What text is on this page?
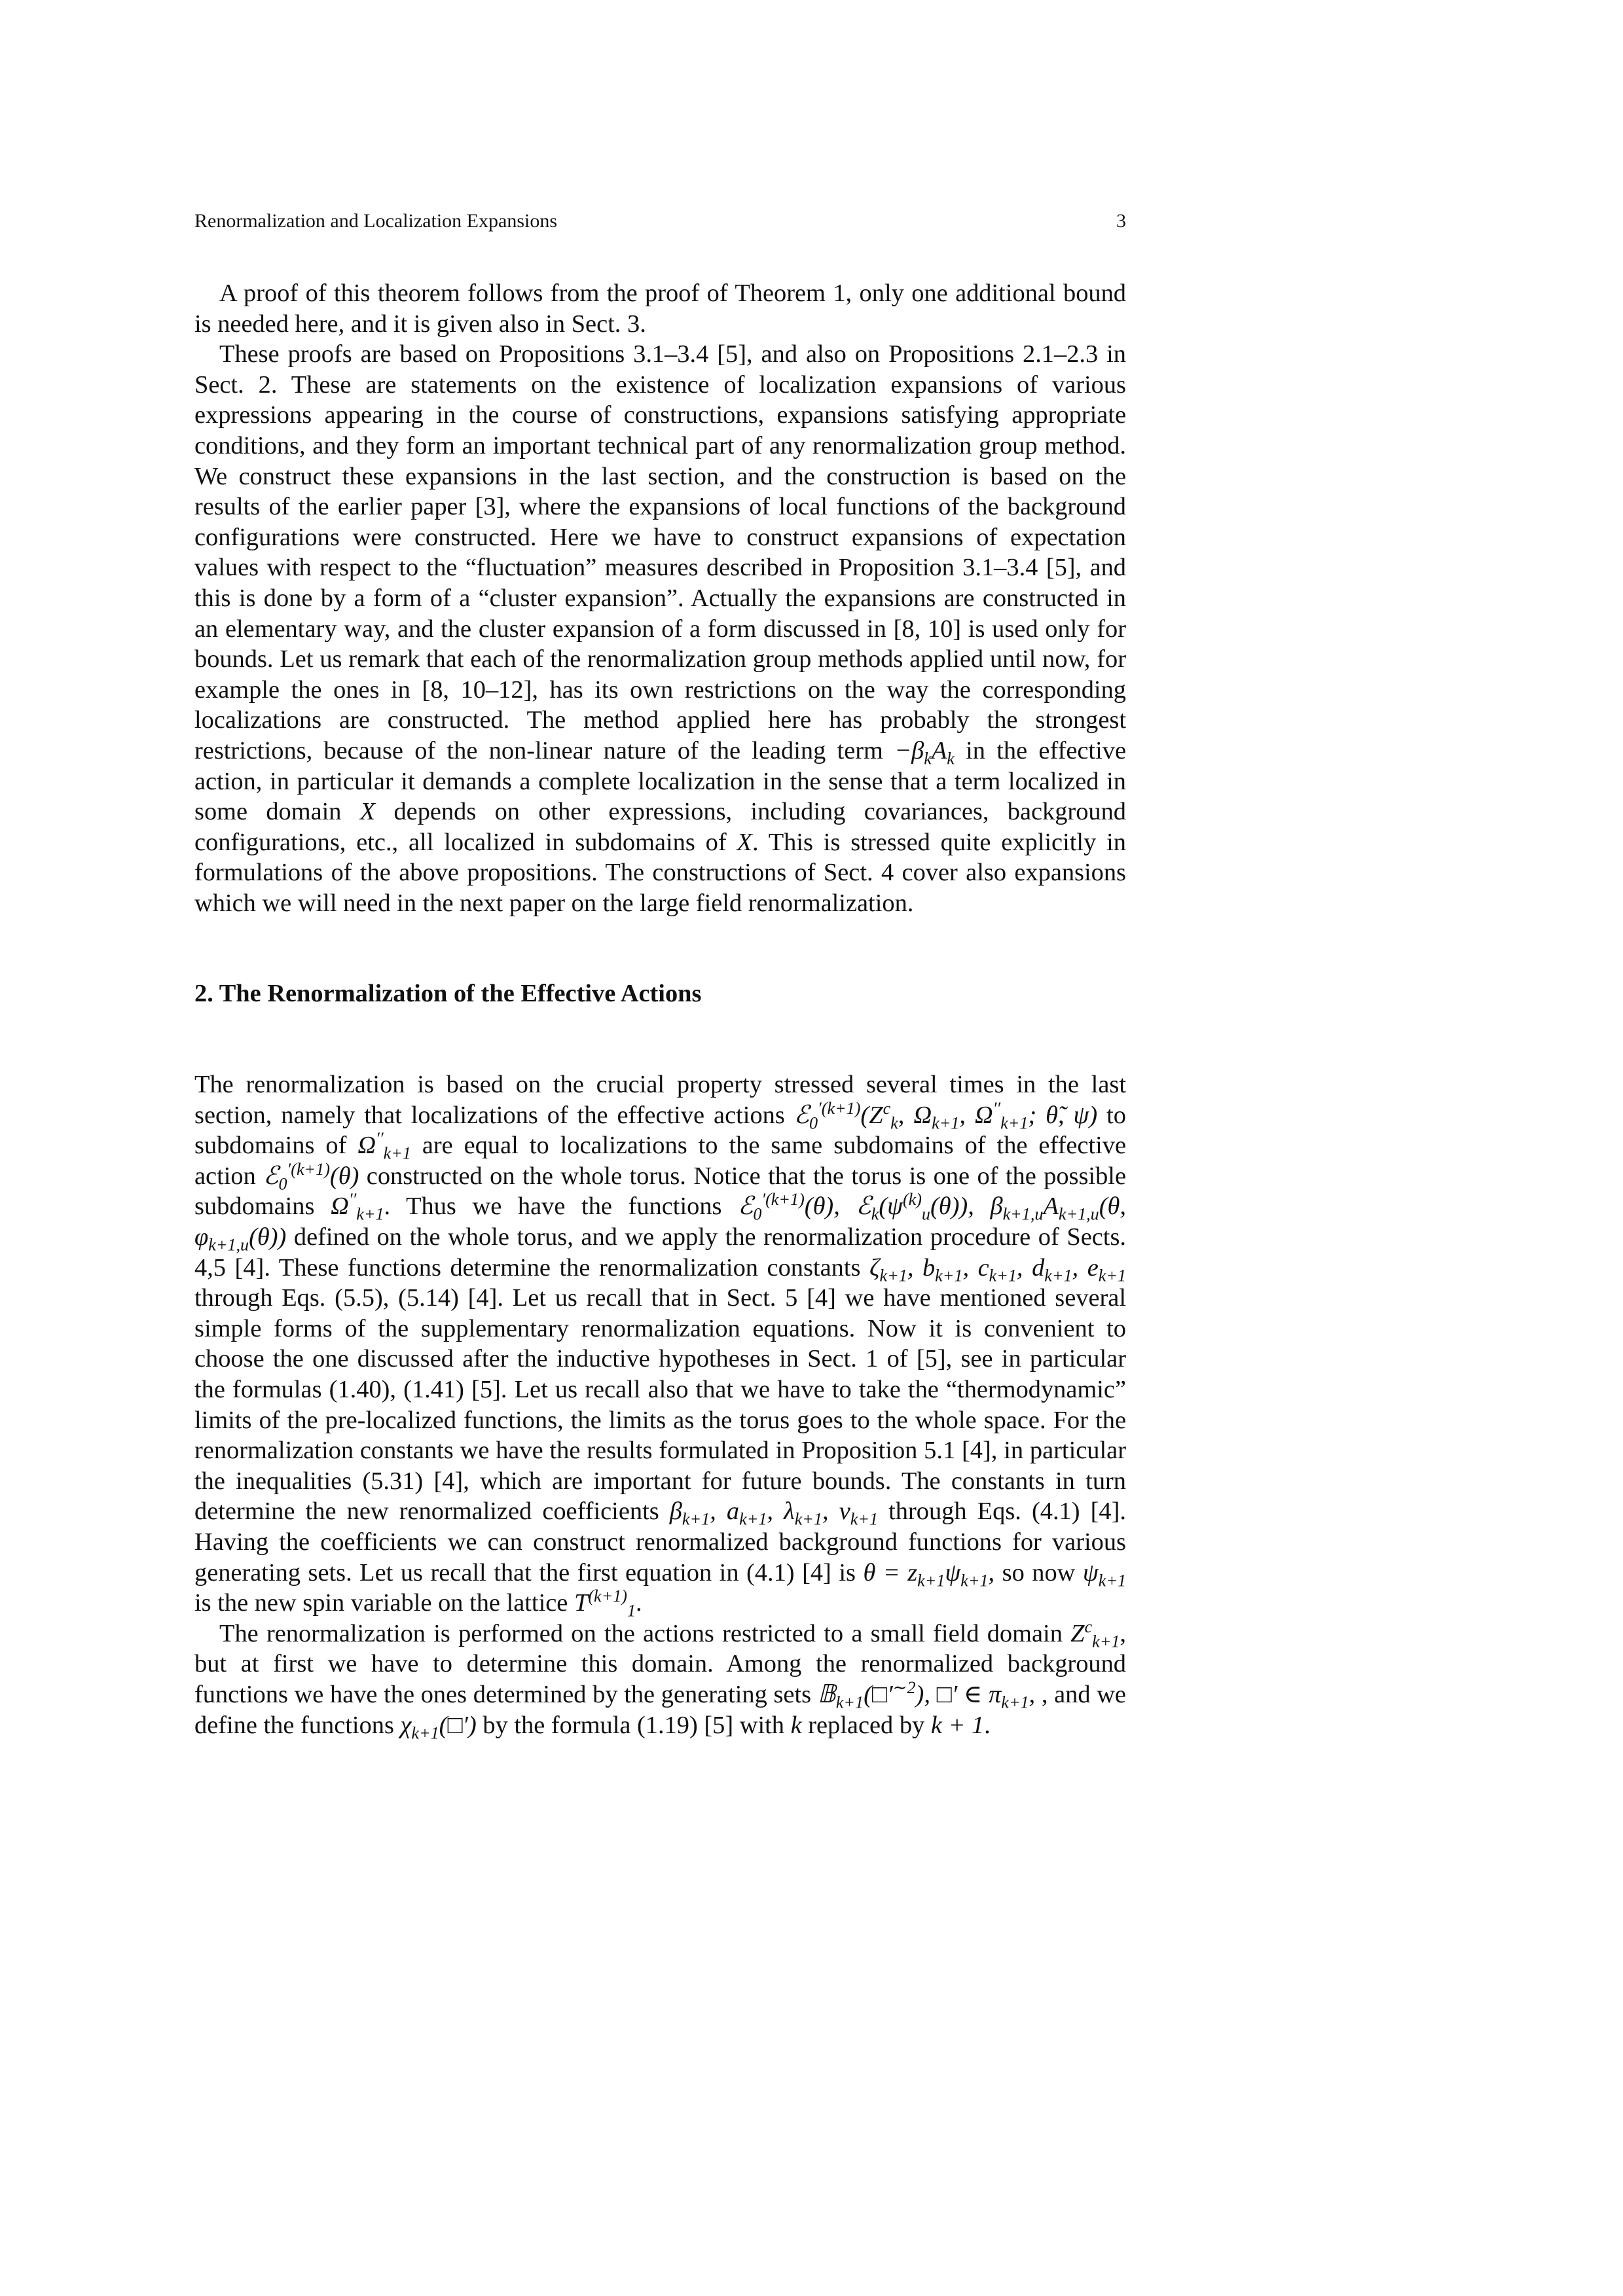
Renormalization and Localization Expansions	3

A proof of this theorem follows from the proof of Theorem 1, only one additional bound is needed here, and it is given also in Sect. 3.

These proofs are based on Propositions 3.1–3.4 [5], and also on Propositions 2.1–2.3 in Sect. 2. These are statements on the existence of localization expansions of various expressions appearing in the course of constructions, expansions satisfying appropriate conditions, and they form an important technical part of any renormalization group method. We construct these expansions in the last section, and the construction is based on the results of the earlier paper [3], where the expansions of local functions of the background configurations were constructed. Here we have to construct expansions of expectation values with respect to the “fluctuation” measures described in Proposition 3.1–3.4 [5], and this is done by a form of a “cluster expansion”. Actually the expansions are constructed in an elementary way, and the cluster expansion of a form discussed in [8, 10] is used only for bounds. Let us remark that each of the renormalization group methods applied until now, for example the ones in [8, 10–12], has its own restrictions on the way the corresponding localizations are constructed. The method applied here has probably the strongest restrictions, because of the non-linear nature of the leading term $-\beta_kA_k$ in the effective action, in particular it demands a complete localization in the sense that a term localized in some domain X depends on other expressions, including covariances, background configurations, etc., all localized in subdomains of X. This is stressed quite explicitly in formulations of the above propositions. The constructions of Sect. 4 cover also expansions which we will need in the next paper on the large field renormalization.

2. The Renormalization of the Effective Actions

The renormalization is based on the crucial property stressed several times in the last section, namely that localizations of the effective actions $ℰ_0^{'(k+1)}(Z^c_k$, $\Omega_{k+1}$, $\Omega''_{k+1}$; θ̃, ψ) to subdomains of $\Omega''_{k+1}$ are equal to localizations to the same subdomains of the effective action ℰ$_0^{'(k+1)}$(θ) constructed on the whole torus. Notice that the torus is one of the possible subdomains $\Omega''_{k+1}$. Thus we have the functions ℰ$_0^{'(k+1)}$(θ), $ℰ_k(\psi^{(k)}_u(\theta))$, $\beta_{k+1,u}A_{k+1,u}(\theta$, $\varphi_{k+1,u}(\theta)$) defined on the whole torus, and we apply the renormalization procedure of Sects. 4,5 [4]. These functions determine the renormalization constants $\zeta_{k+1}$, $b_{k+1}$, $c_{k+1}$, $d_{k+1}$, $e_{k+1}$ through Eqs. (5.5), (5.14) [4]. Let us recall that in Sect. 5 [4] we have mentioned several simple forms of the supplementary renormalization equations. Now it is convenient to choose the one discussed after the inductive hypotheses in Sect. 1 of [5], see in particular the formulas (1.40), (1.41) [5]. Let us recall also that we have to take the “thermodynamic” limits of the pre-localized functions, the limits as the torus goes to the whole space. For the renormalization constants we have the results formulated in Proposition 5.1 [4], in particular the inequalities (5.31) [4], which are important for future bounds. The constants in turn determine the new renormalized coefficients $\beta_{k+1}$, $a_{k+1}$, $\lambda_{k+1}$, $\nu_{k+1}$ through Eqs. (4.1) [4]. Having the coefficients we can construct renormalized background functions for various generating sets. Let us recall that the first equation in (4.1) [4] is $\theta = z_{k+1}\psi_{k+1}$, so now $\psi_{k+1}$ is the new spin variable on the lattice $T^{(k+1)}_1$.

The renormalization is performed on the actions restricted to a small field domain $Z^c_{k+1}$, but at first we have to determine this domain. Among the renormalized background functions we have the ones determined by the generating sets $𝔹_{k+1}(□'^{\sim 2})$, □′ ∈ $\pi_{k+1}$, , and we define the functions $\chi_{k+1}(□')$ by the formula (1.19) [5] with k replaced by k + 1.
